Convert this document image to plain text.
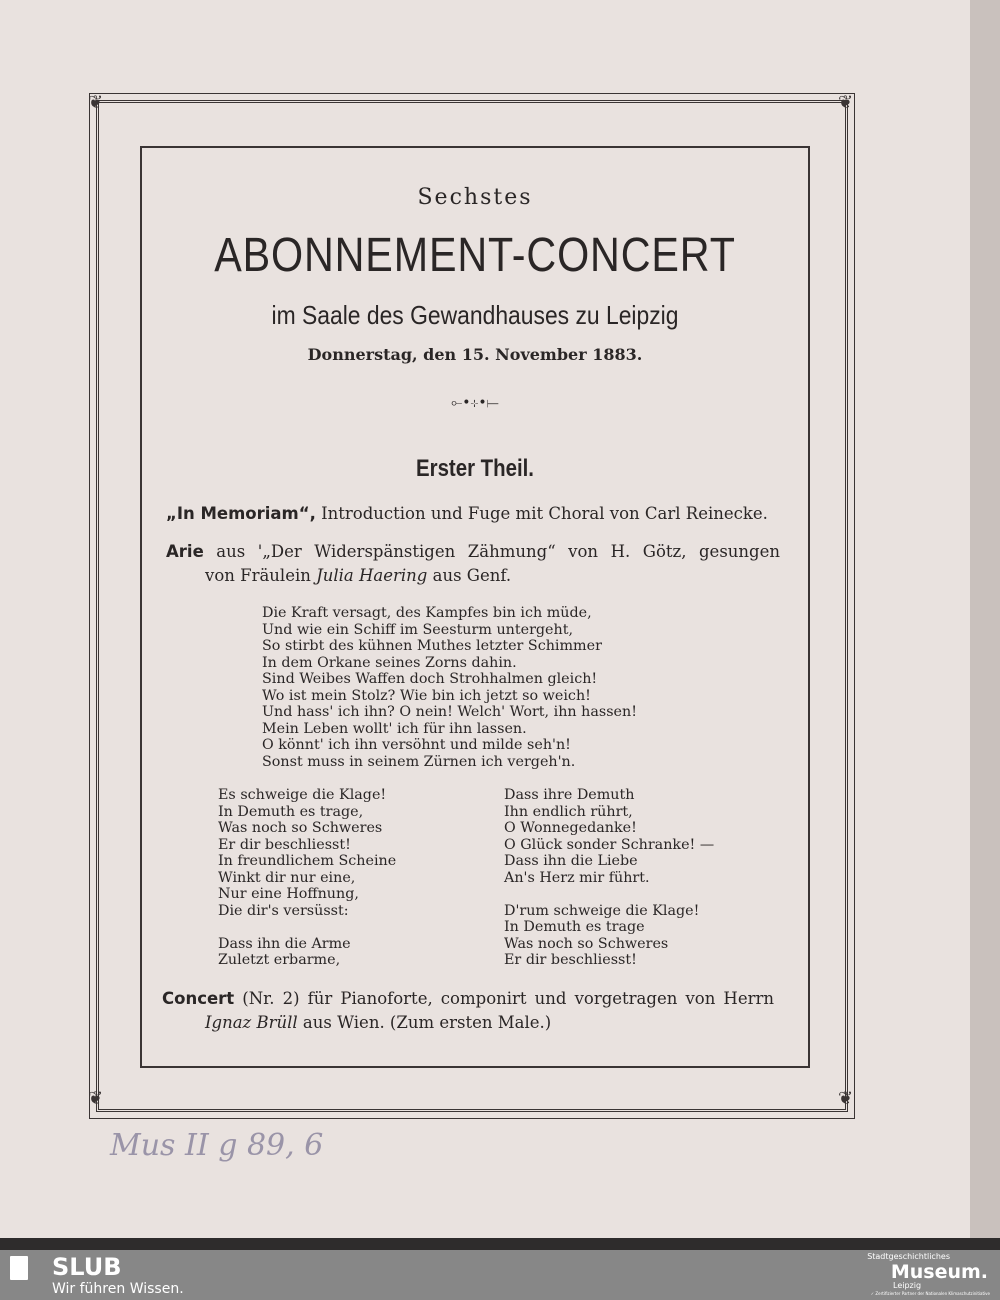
❦	❦
❦	❦
Sechstes
ABONNEMENT-CONCERT
im Saale des Gewandhauses zu Leipzig
Donnerstag, den 15. November 1883.
⟜•⊹•⟝
Erster Theil.
„In Memoriam“, Introduction und Fuge mit Choral von Carl Reinecke.
Arie aus '„Der Widerspänstigen Zähmung“ von H. Götz, gesungen
von Fräulein Julia Haering aus Genf.
Die Kraft versagt, des Kampfes bin ich müde,
Und wie ein Schiff im Seesturm untergeht,
So stirbt des kühnen Muthes letzter Schimmer
In dem Orkane seines Zorns dahin.
Sind Weibes Waffen doch Strohhalmen gleich!
Wo ist mein Stolz? Wie bin ich jetzt so weich!
Und hass' ich ihn? O nein! Welch' Wort, ihn hassen!
Mein Leben wollt' ich für ihn lassen.
O könnt' ich ihn versöhnt und milde seh'n!
Sonst muss in seinem Zürnen ich vergeh'n.
Es schweige die Klage!
In Demuth es trage,
Was noch so Schweres
Er dir beschliesst!
In freundlichem Scheine
Winkt dir nur eine,
Nur eine Hoffnung,
Die dir's versüsst:

Dass ihn die Arme
Zuletzt erbarme,
Dass ihre Demuth
Ihn endlich rührt,
O Wonnegedanke!
O Glück sonder Schranke! —
Dass ihn die Liebe
An's Herz mir führt.

D'rum schweige die Klage!
In Demuth es trage
Was noch so Schweres
Er dir beschliesst!
Concert (Nr. 2) für Pianoforte, componirt und vorgetragen von Herrn
Ignaz Brüll aus Wien. (Zum ersten Male.)
Mus II g 89, 6
SLUB
Wir führen Wissen.
Stadtgeschichtliches
Museum.
Leipzig
✓ Zertifizierter Partner der Nationalen Klimaschutzinitiative
